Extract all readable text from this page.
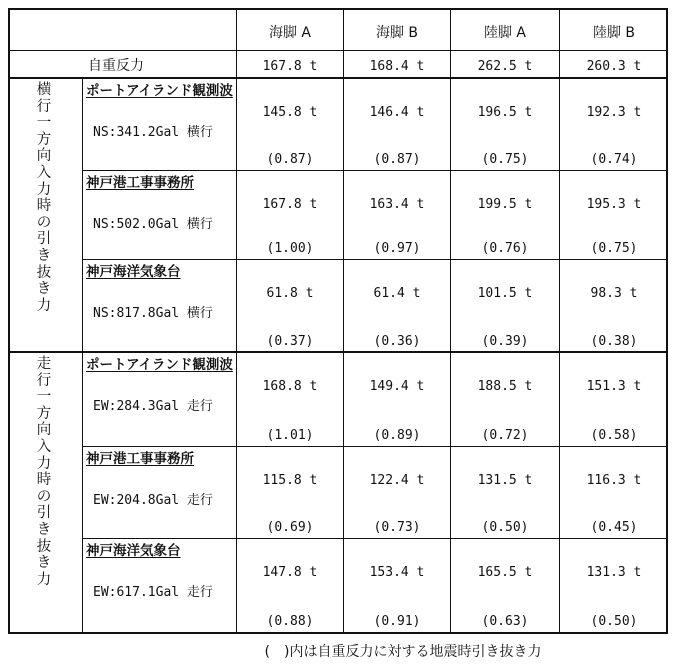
海脚 A	海脚 B	陸脚 A	陸脚 B
自重反力	167.8 t	168.4 t	262.5 t	260.3 t
横行一方向入力時の引き抜き力
ポートアイランド観測波
NS:341.2Gal 横行
145.8 t	146.4 t	196.5 t	192.3 t
(0.87)	(0.87)	(0.75)	(0.74)
神戸港工事事務所
NS:502.0Gal 横行
167.8 t	163.4 t	199.5 t	195.3 t
(1.00)	(0.97)	(0.76)	(0.75)
神戸海洋気象台
NS:817.8Gal 横行
61.8 t	61.4 t	101.5 t	98.3 t
(0.37)	(0.36)	(0.39)	(0.38)
走行一方向入力時の引き抜き力
ポートアイランド観測波
EW:284.3Gal 走行
168.8 t	149.4 t	188.5 t	151.3 t
(1.01)	(0.89)	(0.72)	(0.58)
神戸港工事事務所
EW:204.8Gal 走行
115.8 t	122.4 t	131.5 t	116.3 t
(0.69)	(0.73)	(0.50)	(0.45)
神戸海洋気象台
EW:617.1Gal 走行
147.8 t	153.4 t	165.5 t	131.3 t
(0.88)	(0.91)	(0.63)	(0.50)
(　)内は自重反力に対する地震時引き抜き力
